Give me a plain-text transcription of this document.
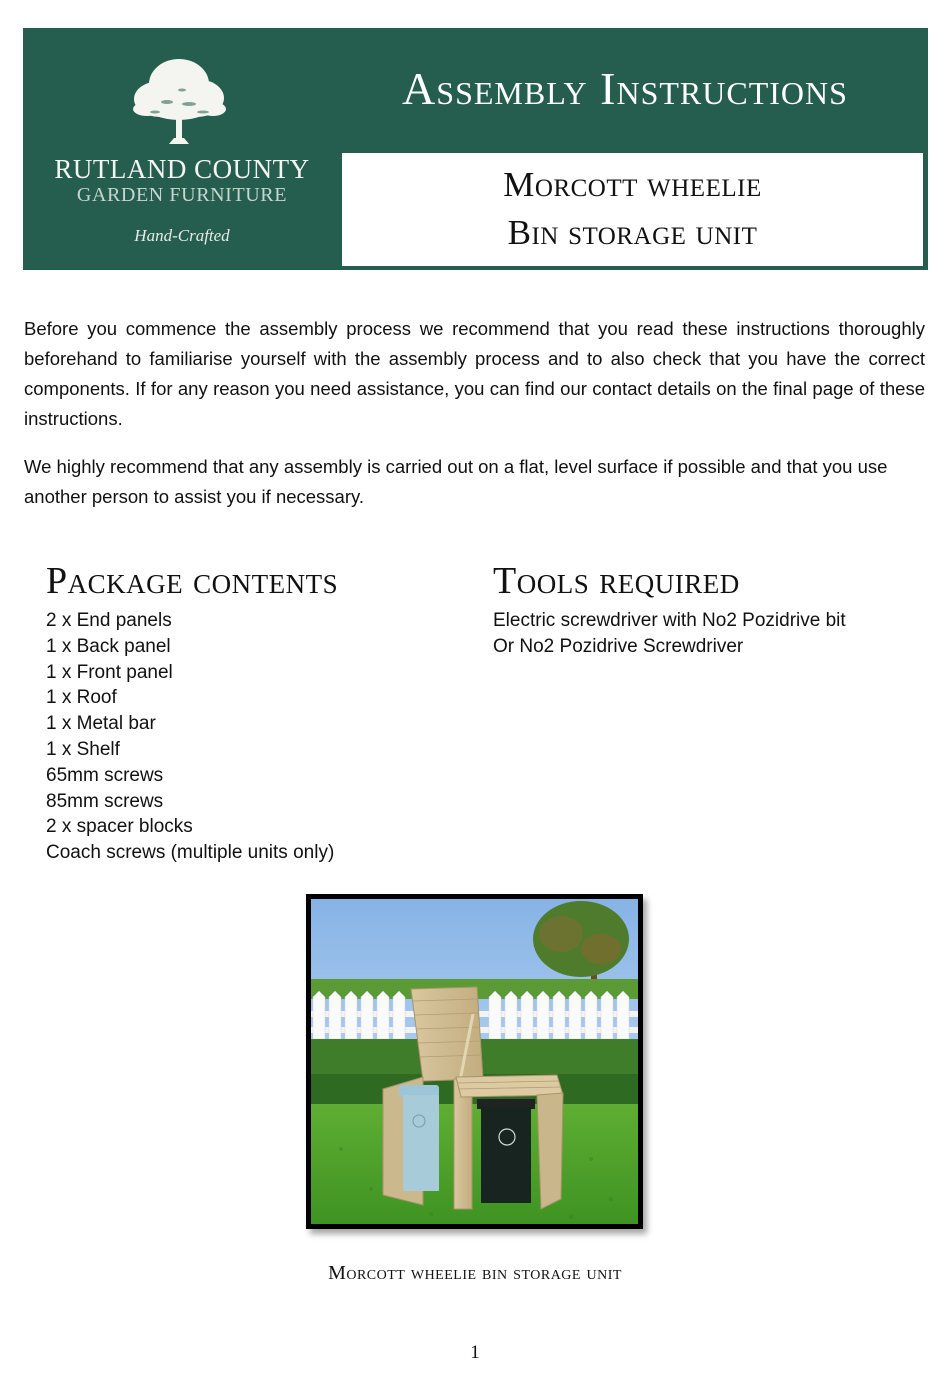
RUTLAND COUNTY
GARDEN FURNITURE
Hand-Crafted
Assembly Instructions
Morcott wheelie
Bin storage unit

Before you commence the assembly process we recommend that you read these instructions thoroughly beforehand to familiarise yourself with the assembly process and to also check that you have the correct components. If for any reason you need assistance, you can find our contact details on the final page of these instructions.

We highly recommend that any assembly is carried out on a flat, level surface if possible and that you use another person to assist you if necessary.

Package contents
2 x End panels
1 x Back panel
1 x Front panel
1 x Roof
1 x Metal bar
1 x Shelf
65mm screws
85mm screws
2 x spacer blocks
Coach screws (multiple units only)
Tools required
Electric screwdriver with No2 Pozidrive bit
Or No2 Pozidrive Screwdriver
Morcott wheelie bin storage unit
1
